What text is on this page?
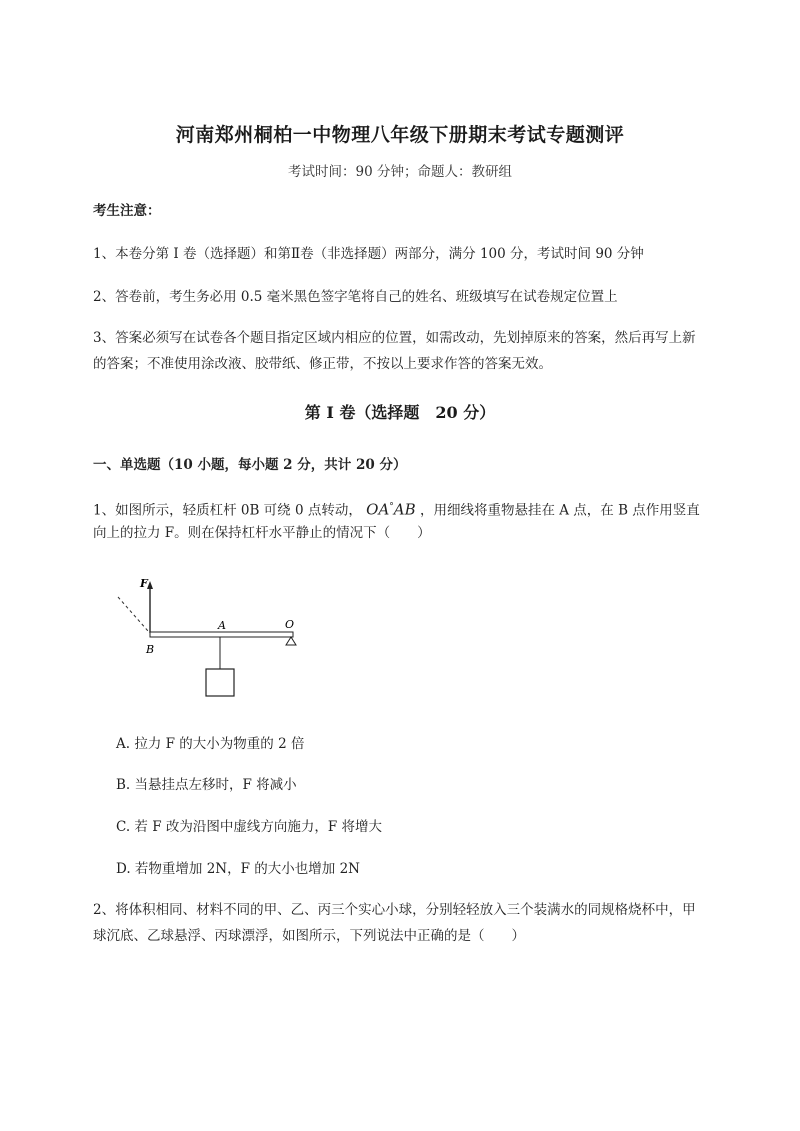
河南郑州桐柏一中物理八年级下册期末考试专题测评
考试时间：90 分钟；命题人：教研组
考生注意：
1、本卷分第 I 卷（选择题）和第Ⅱ卷（非选择题）两部分，满分 100 分，考试时间 90 分钟
2、答卷前，考生务必用 0.5 毫米黑色签字笔将自己的姓名、班级填写在试卷规定位置上
3、答案必须写在试卷各个题目指定区域内相应的位置，如需改动，先划掉原来的答案，然后再写上新
的答案；不准使用涂改液、胶带纸、修正带，不按以上要求作答的答案无效。
第 I 卷（选择题　20 分）
一、单选题（10 小题，每小题 2 分，共计 20 分）
1、如图所示，轻质杠杆 0B 可绕 0 点转动， OA°AB ，用细线将重物悬挂在 A 点，在 B 点作用竖直
向上的拉力 F。则在保持杠杆水平静止的情况下（　　）
F
A	O
B
A. 拉力 F 的大小为物重的 2 倍
B. 当悬挂点左移时，F 将减小
C. 若 F 改为沿图中虚线方向施力，F 将增大
D. 若物重增加 2N，F 的大小也增加 2N
2、将体积相同、材料不同的甲、乙、丙三个实心小球，分别轻轻放入三个装满水的同规格烧杯中，甲
球沉底、乙球悬浮、丙球漂浮，如图所示，下列说法中正确的是（　　）
